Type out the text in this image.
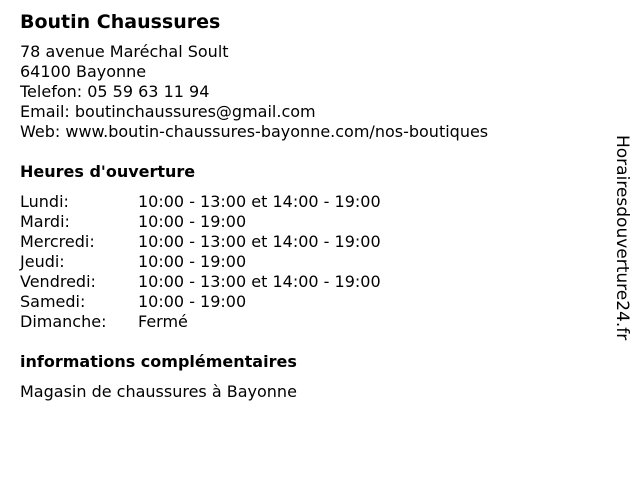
Boutin Chaussures
78 avenue Maréchal Soult
64100 Bayonne
Telefon: 05 59 63 11 94
Email: boutinchaussures@gmail.com
Web: www.boutin-chaussures-bayonne.com/nos-boutiques
Heures d'ouverture
Lundi:	10:00 - 13:00 et 14:00 - 19:00
Mardi:	10:00 - 19:00
Mercredi:	10:00 - 13:00 et 14:00 - 19:00
Jeudi:	10:00 - 19:00
Vendredi:	10:00 - 13:00 et 14:00 - 19:00
Samedi:	10:00 - 19:00
Dimanche:	Fermé
informations complémentaires
Magasin de chaussures à Bayonne
Horairesdouverture24.fr
